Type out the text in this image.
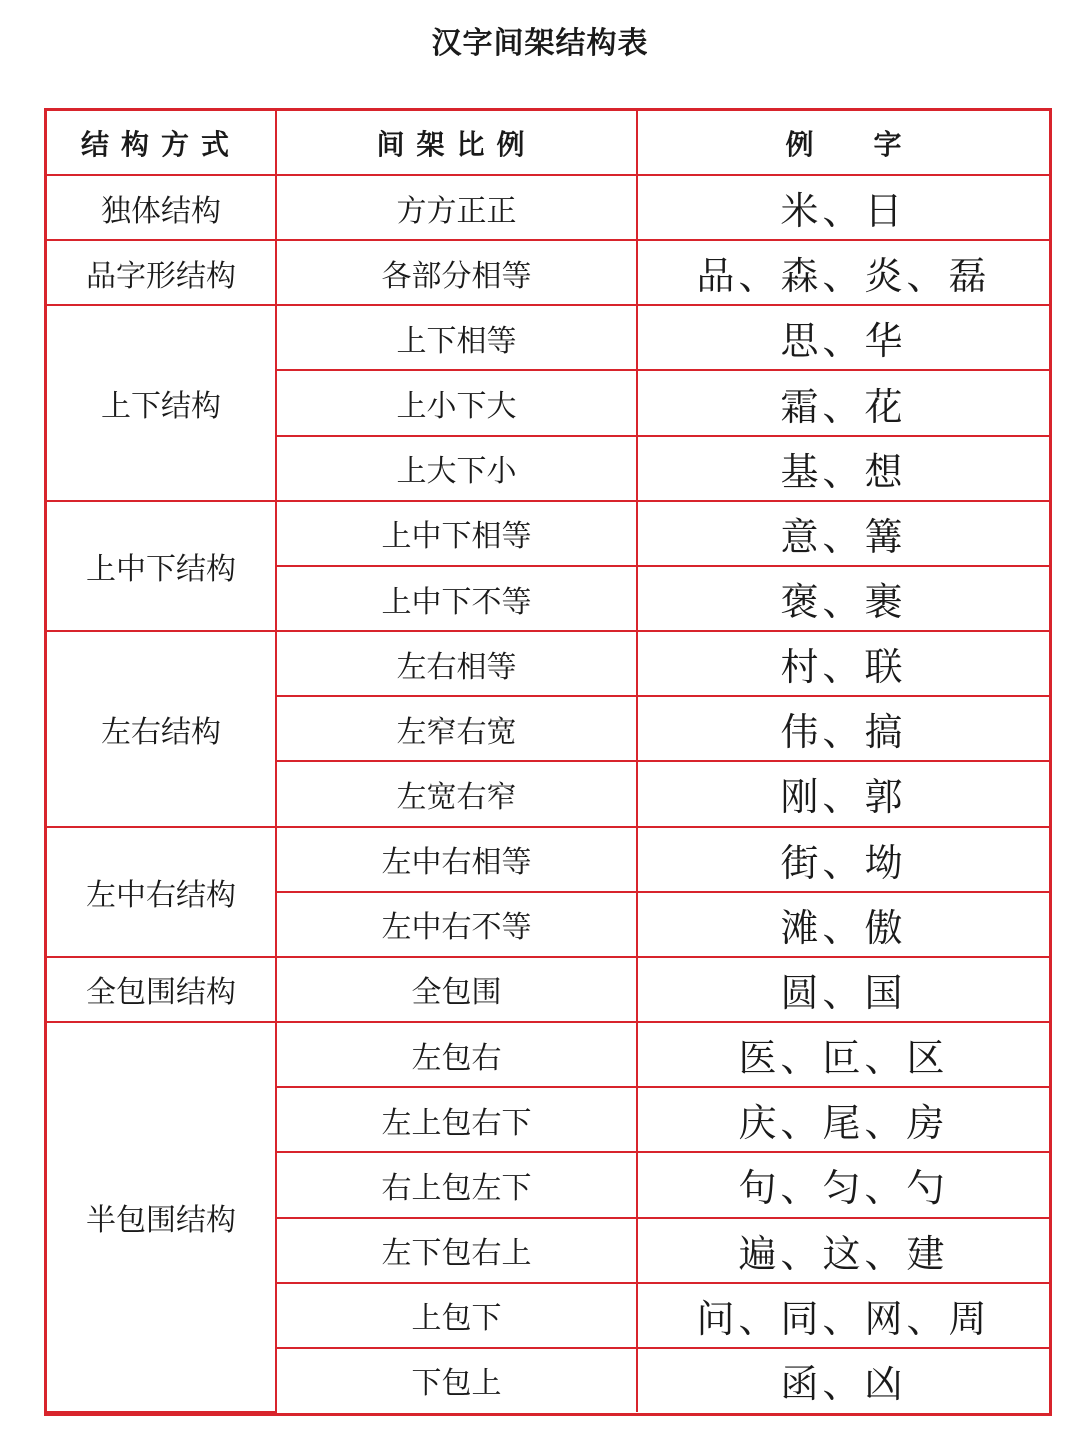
汉字间架结构表
结构方式	间架比例	例字
独体结构	方方正正	米、日
品字形结构	各部分相等	品、森、炎、磊
上下结构	上下相等	思、华
	上小下大	霜、花
	上大下小	基、想
上中下结构	上中下相等	意、篝
	上中下不等	褒、裹
左右结构	左右相等	村、联
	左窄右宽	伟、搞
	左宽右窄	刚、郭
左中右结构	左中右相等	街、坳
	左中右不等	滩、傲
全包围结构	全包围	圆、国
半包围结构	左包右	医、叵、区
	左上包右下	庆、尾、房
	右上包左下	句、匀、勺
	左下包右上	遍、这、建
	上包下	问、同、网、周
	下包上	函、凶
